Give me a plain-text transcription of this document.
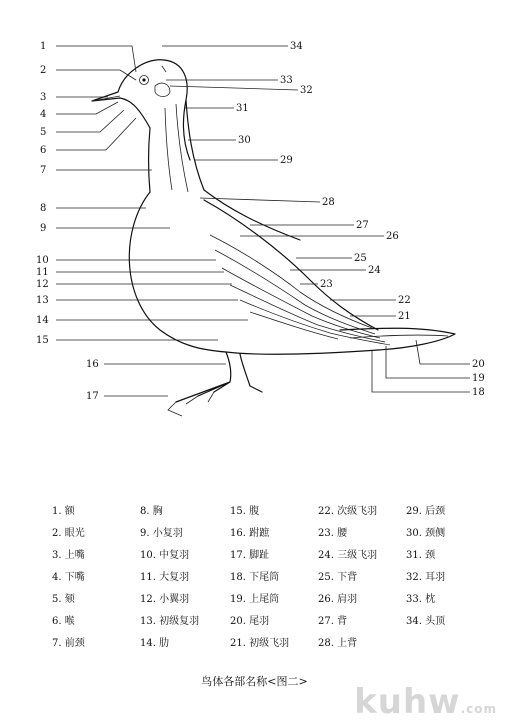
1
2
3
4
5
6
7
8
9
10
11
12
13
14
15
16
17	18
19
20
21
22
23
24
25
26
27
28
29
30
31
32
33
34
1. 额
2. 眼光
3. 上嘴
4. 下嘴
5. 颏
6. 喉
7. 前颈
8. 胸
9. 小复羽
10. 中复羽
11. 大复羽
12. 小翼羽
13. 初级复羽
14. 肋
15. 腹
16. 跗蹠
17. 脚趾
18. 下尾筒
19. 上尾筒
20. 尾羽
21. 初级飞羽
22. 次级飞羽
23. 腰
24. 三级飞羽
25. 下背
26. 肩羽
27. 背
28. 上背
29. 后颈
30. 颈侧
31. 颈
32. 耳羽
33. 枕
34. 头顶
鸟体各部名称<图二>
kuhw.com
